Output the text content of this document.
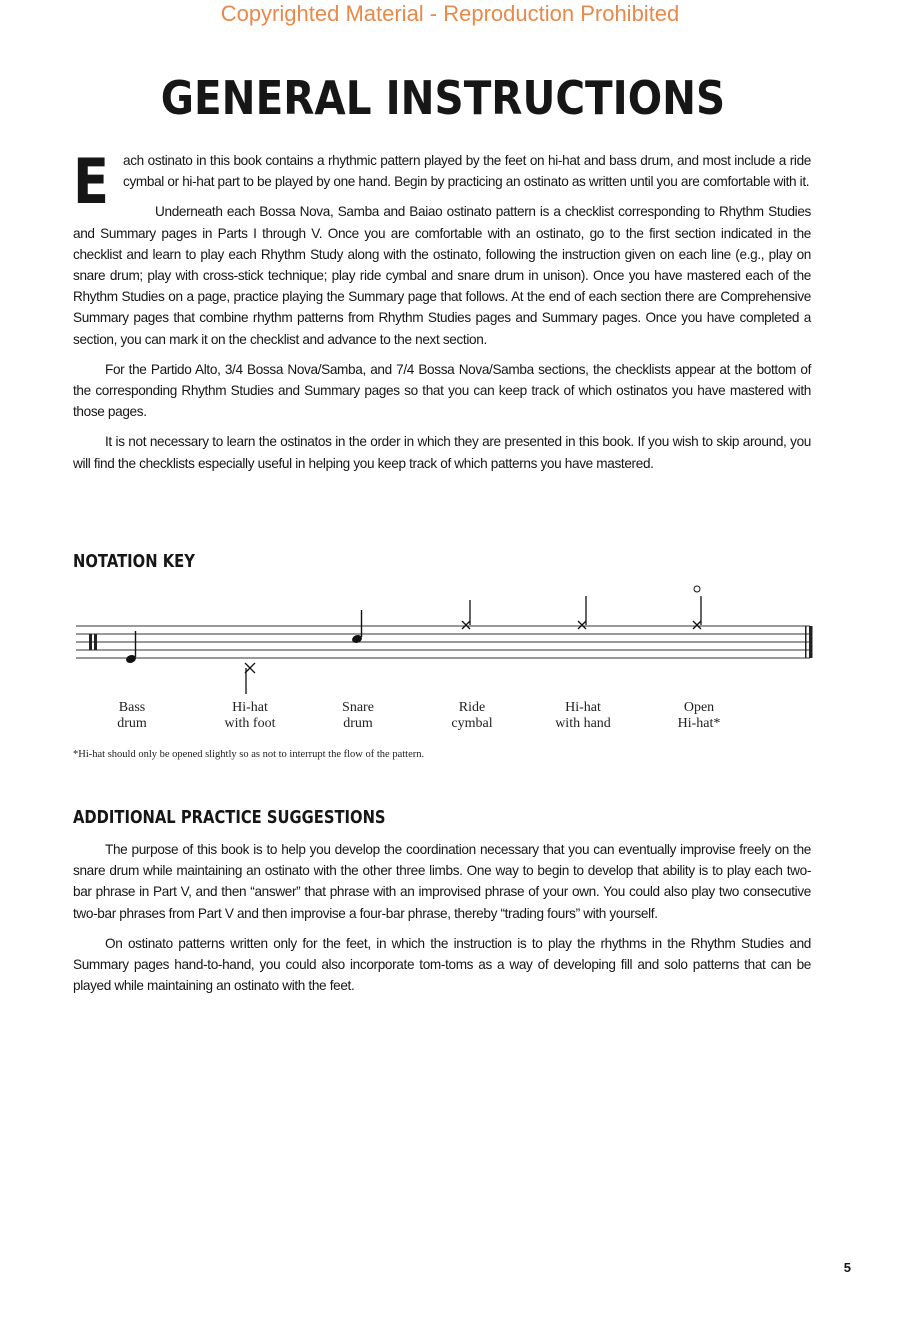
Copyrighted Material - Reproduction Prohibited
GENERAL INSTRUCTIONS

E ach ostinato in this book contains a rhythmic pattern played by the feet on hi-hat and bass drum, and most include a ride cymbal or hi-hat part to be played by one hand. Begin by practicing an ostinato as written until you are comfortable with it.

Underneath each Bossa Nova, Samba and Baiao ostinato pattern is a checklist corresponding to Rhythm Studies and Summary pages in Parts I through V. Once you are comfortable with an ostinato, go to the first section indicated in the checklist and learn to play each Rhythm Study along with the ostinato, following the instruction given on each line (e.g., play on snare drum; play with cross-stick technique; play ride cymbal and snare drum in unison). Once you have mastered each of the Rhythm Studies on a page, practice playing the Summary page that follows. At the end of each section there are Comprehensive Summary pages that combine rhythm patterns from Rhythm Studies pages and Summary pages. Once you have completed a section, you can mark it on the checklist and advance to the next section.

For the Partido Alto, 3/4 Bossa Nova/Samba, and 7/4 Bossa Nova/Samba sections, the checklists appear at the bottom of the corresponding Rhythm Studies and Summary pages so that you can keep track of which ostinatos you have mastered with those pages.

It is not necessary to learn the ostinatos in the order in which they are presented in this book. If you wish to skip around, you will find the checklists especially useful in helping you keep track of which patterns you have mastered.

NOTATION KEY
Bass
drum
Hi-hat
with foot
Snare
drum
Ride
cymbal
Hi-hat
with hand
Open
Hi-hat*

*Hi-hat should only be opened slightly so as not to interrupt the flow of the pattern.

ADDITIONAL PRACTICE SUGGESTIONS

The purpose of this book is to help you develop the coordination necessary that you can eventually improvise freely on the snare drum while maintaining an ostinato with the other three limbs. One way to begin to develop that ability is to play each two-bar phrase in Part V, and then “answer” that phrase with an improvised phrase of your own. You could also play two consecutive two-bar phrases from Part V and then improvise a four-bar phrase, thereby “trading fours” with yourself.

On ostinato patterns written only for the feet, in which the instruction is to play the rhythms in the Rhythm Studies and Summary pages hand-to-hand, you could also incorporate tom-toms as a way of developing fill and solo patterns that can be played while maintaining an ostinato with the feet.

5
